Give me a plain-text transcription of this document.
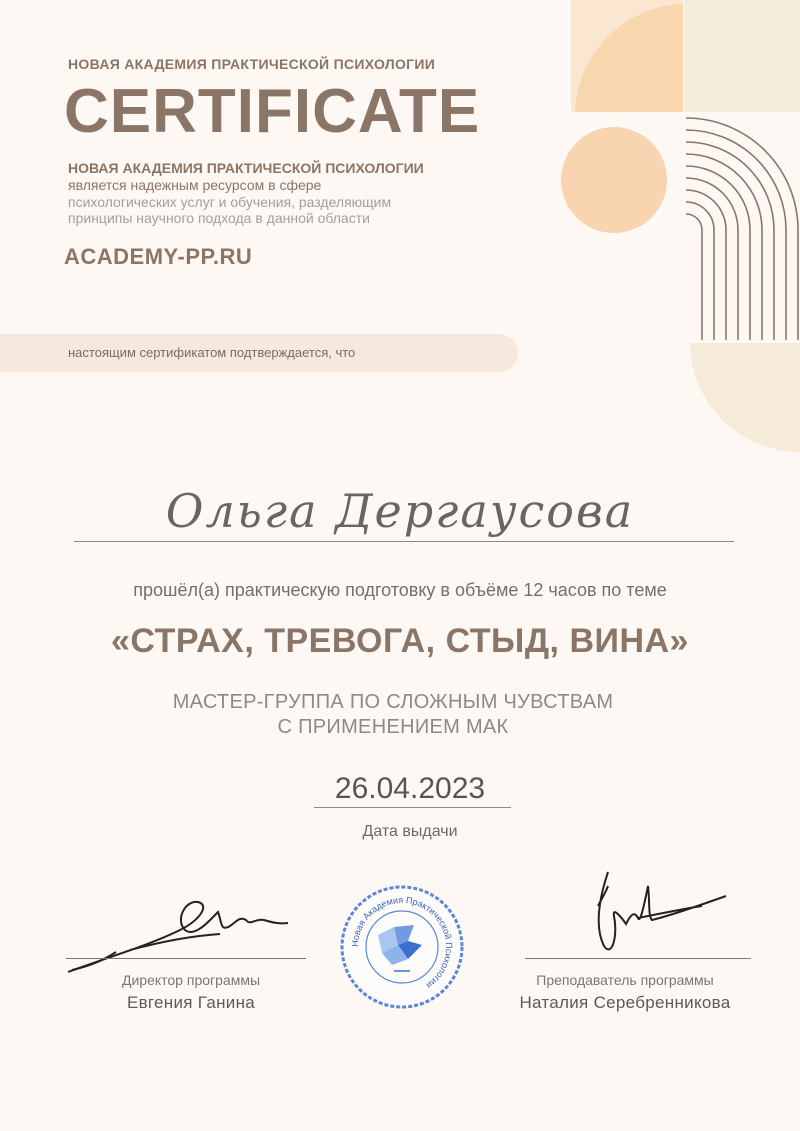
НОВАЯ АКАДЕМИЯ ПРАКТИЧЕСКОЙ ПСИХОЛОГИИ
CERTIFICATE
НОВАЯ АКАДЕМИЯ ПРАКТИЧЕСКОЙ ПСИХОЛОГИИ
является надежным ресурсом в сфере
психологических услуг и обучения, разделяющим
принципы научного подхода в данной области
ACADEMY-PP.RU
настоящим сертификатом подтверждается, что
Ольга Дергаусова
прошёл(а) практическую подготовку в объёме 12 часов по теме
«СТРАХ, ТРЕВОГА, СТЫД, ВИНА»
МАСТЕР-ГРУППА ПО СЛОЖНЫМ ЧУВСТВАМ
С ПРИМЕНЕНИЕМ МАК
26.04.2023
Дата выдачи
Директор программы
Евгения Ганина
Новая Академия Практической Психологии	Преподаватель программы
Наталия Серебренникова
